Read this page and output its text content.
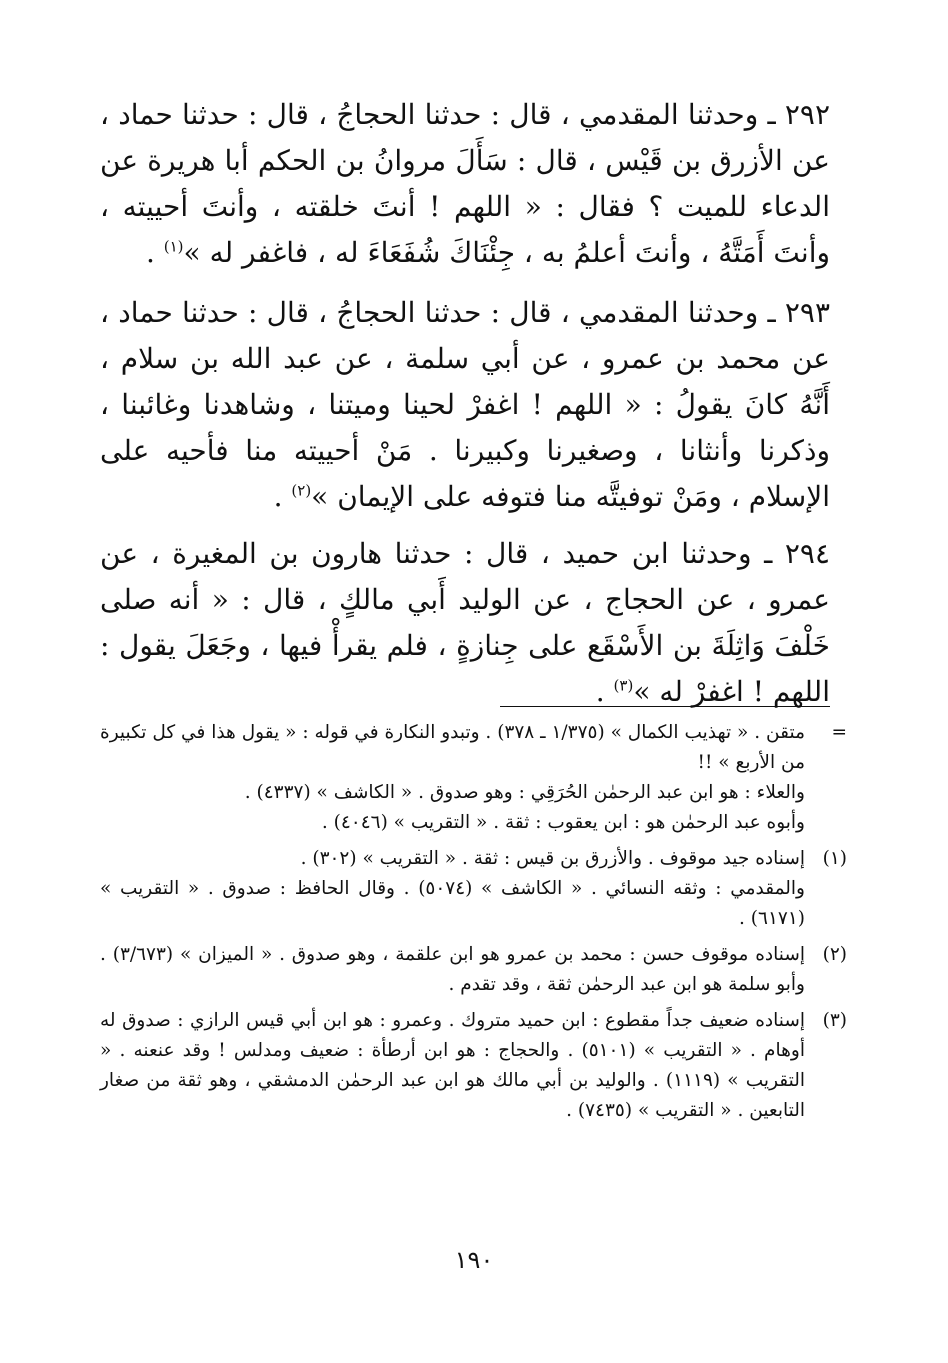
٢٩٢ ـ وحدثنا المقدمي ، قال : حدثنا الحجاجُ ، قال : حدثنا حماد ، عن الأزرق بن قَيْس ، قال : سَأَلَ مروانُ بن الحكم أبا هريرة عن الدعاء للميت ؟ فقال : « اللهم ! أنتَ خلقته ، وأنتَ أحييته ، وأنتَ أَمَتَّهُ ، وأنتَ أعلمُ به ، جِئْنَاكَ شُفَعَاءَ له ، فاغفر له »$^{(١)}$ .

٢٩٣ ـ وحدثنا المقدمي ، قال : حدثنا الحجاجُ ، قال : حدثنا حماد ، عن محمد بن عمرو ، عن أبي سلمة ، عن عبد الله بن سلام ، أَنَّهُ كانَ يقولُ : « اللهم ! اغفرْ لحينا وميتنا ، وشاهدنا وغائبنا ، وذكرنا وأنثانا ، وصغيرنا وكبيرنا . مَنْ أحييته منا فأحيه على الإسلام ، ومَنْ توفيتَّه منا فتوفه على الإيمان »$^{(٢)}$ .

٢٩٤ ـ وحدثنا ابن حميد ، قال : حدثنا هارون بن المغيرة ، عن عمرو ، عن الحجاج ، عن الوليد أَبي مالكٍ ، قال : « أنه صلى خَلْفَ وَاثِلَةَ بن الأَسْقَع على جِنازةٍ ، فلم يقرأْ فيها ، وجَعَلَ يقول : اللهم ! اغفرْ له »$^{(٣)}$ .

=
متقن . « تهذيب الكمال » (١/٣٧٥ ـ ٣٧٨) . وتبدو النكارة في قوله : « يقول هذا في كل تكبيرة من الأربع » !!
والعلاء : هو ابن عبد الرحمٰن الحُرَقِي : وهو صدوق . « الكاشف » (٤٣٣٧) .
وأبوه عبد الرحمٰن هو : ابن يعقوب : ثقة . « التقريب » (٤٠٤٦) .
(١)
إسناده جيد موقوف . والأزرق بن قيس : ثقة . « التقريب » (٣٠٢) .
والمقدمي : وثقه النسائي . « الكاشف » (٥٠٧٤) . وقال الحافظ : صدوق . « التقريب » (٦١٧١) .
(٢)
إسناده موقوف حسن : محمد بن عمرو هو ابن علقمة ، وهو صدوق . « الميزان » (٣/٦٧٣) . وأبو سلمة هو ابن عبد الرحمٰن ثقة ، وقد تقدم .
(٣)
إسناده ضعيف جداً مقطوع : ابن حميد متروك . وعمرو : هو ابن أبي قيس الرازي : صدوق له أوهام . « التقريب » (٥١٠١) . والحجاج : هو ابن أرطأة : ضعيف ومدلس ! وقد عنعنه . « التقريب » (١١١٩) . والوليد بن أبي مالك هو ابن عبد الرحمٰن الدمشقي ، وهو ثقة من صغار التابعين . « التقريب » (٧٤٣٥) .
١٩٠
